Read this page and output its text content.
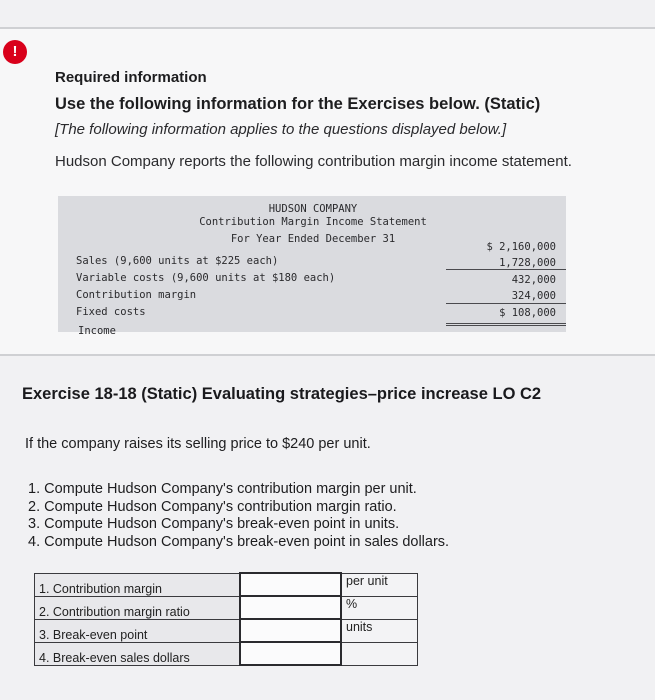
!
Required information
Use the following information for the Exercises below. (Static)
[The following information applies to the questions displayed below.]
Hudson Company reports the following contribution margin income statement.
HUDSON COMPANY
Contribution Margin Income Statement
For Year Ended December 31
Sales (9,600 units at $225 each)
$ 2,160,000
Variable costs (9,600 units at $180 each)
1,728,000
Contribution margin
432,000
Fixed costs
324,000
Income
$ 108,000
Exercise 18-18 (Static) Evaluating strategies–price increase LO C2
If the company raises its selling price to $240 per unit.
1. Compute Hudson Company's contribution margin per unit.
2. Compute Hudson Company's contribution margin ratio.
3. Compute Hudson Company's break-even point in units.
4. Compute Hudson Company's break-even point in sales dollars.
1. Contribution margin		per unit
2. Contribution margin ratio		%
3. Break-even point		units
4. Break-even sales dollars		
